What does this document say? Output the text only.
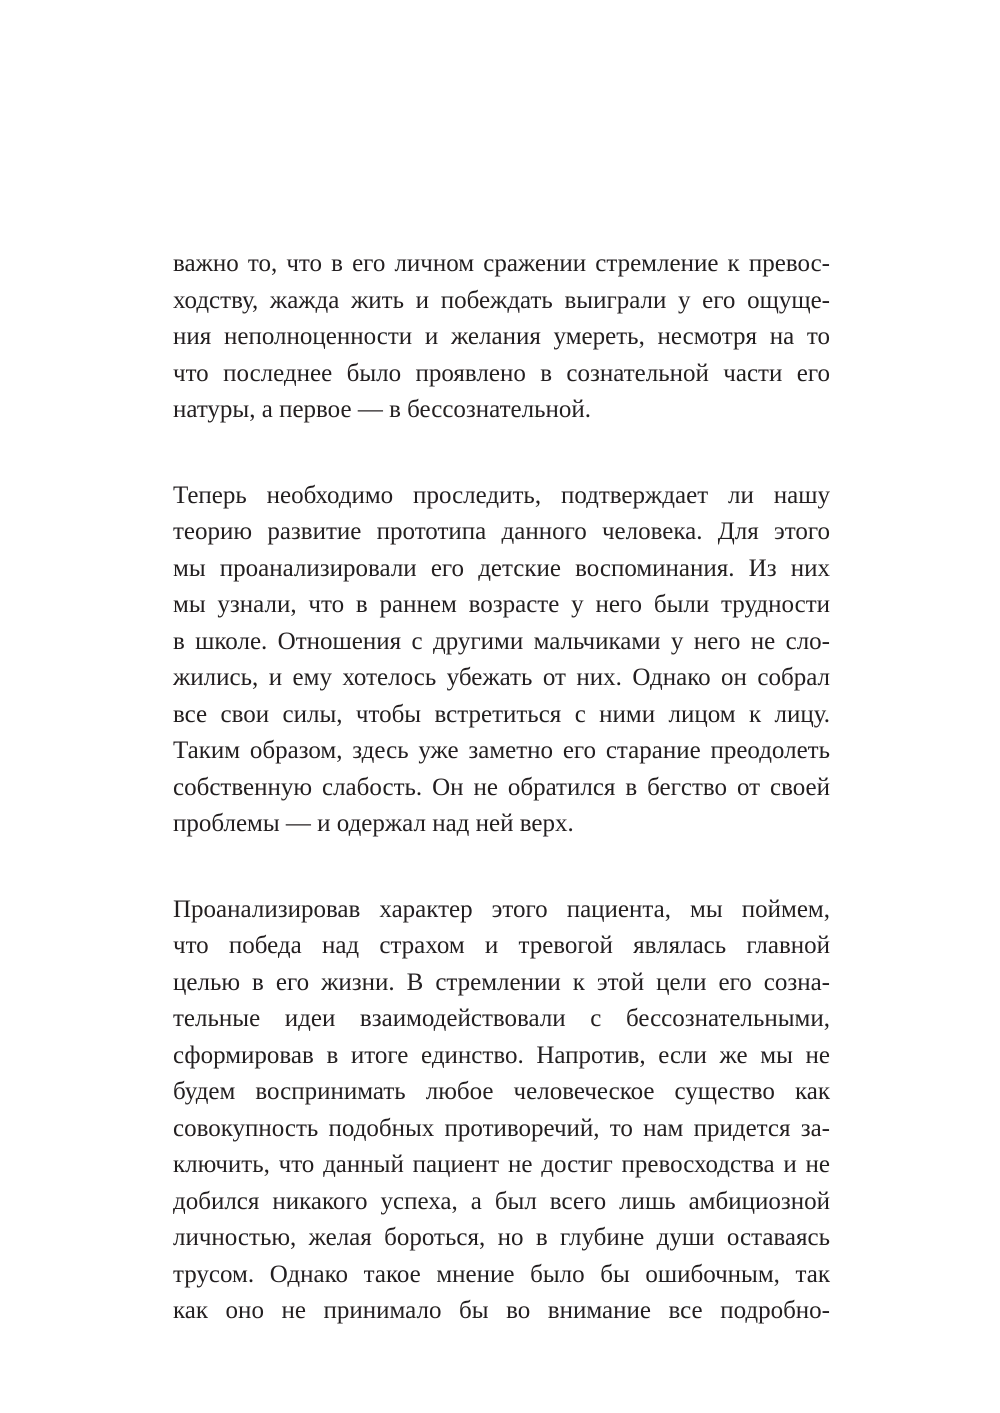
важно то, что в его личном сражении стремление к превос-
ходству, жажда жить и побеждать выиграли у его ощуще-
ния неполноценности и желания умереть, несмотря на то
что последнее было проявлено в сознательной части его
натуры, а первое — в бессознательной.

Теперь необходимо проследить, подтверждает ли нашу
теорию развитие прототипа данного человека. Для этого
мы проанализировали его детские воспоминания. Из них
мы узнали, что в раннем возрасте у него были трудности
в школе. Отношения с другими мальчиками у него не сло-
жились, и ему хотелось убежать от них. Однако он собрал
все свои силы, чтобы встретиться с ними лицом к лицу.
Таким образом, здесь уже заметно его старание преодолеть
собственную слабость. Он не обратился в бегство от своей
проблемы — и одержал над ней верх.

Проанализировав характер этого пациента, мы поймем,
что победа над страхом и тревогой являлась главной
целью в его жизни. В стремлении к этой цели его созна-
тельные идеи взаимодействовали с бессознательными,
сформировав в итоге единство. Напротив, если же мы не
будем воспринимать любое человеческое существо как
совокупность подобных противоречий, то нам придется за-
ключить, что данный пациент не достиг превосходства и не
добился никакого успеха, а был всего лишь амбициозной
личностью, желая бороться, но в глубине души оставаясь
трусом. Однако такое мнение было бы ошибочным, так
как оно не принимало бы во внимание все подробно-
